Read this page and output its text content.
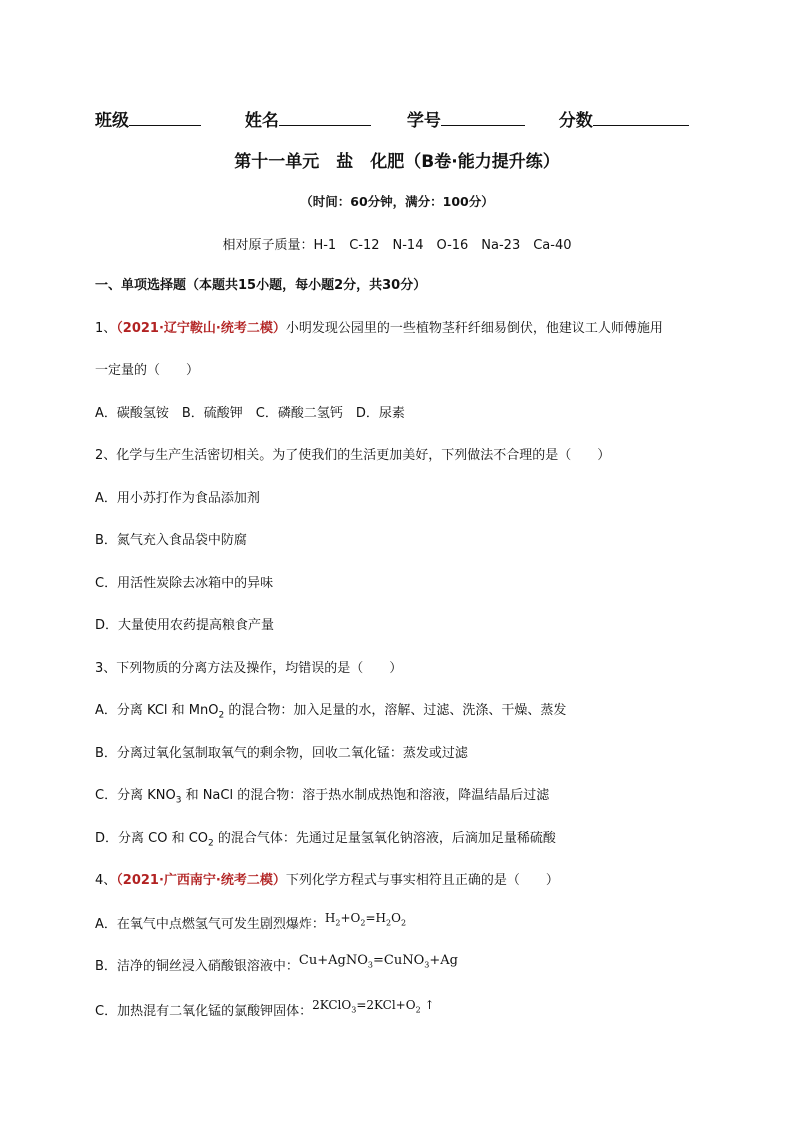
班级	姓名	学号	分数
第十一单元　盐　化肥（B卷·能力提升练）
（时间：60分钟，满分：100分）
相对原子质量：H-1　C-12　N-14　O-16　Na-23　Ca-40
一、单项选择题（本题共15小题，每小题2分，共30分）
1、（2021·辽宁鞍山·统考二模）小明发现公园里的一些植物茎秆纤细易倒伏，他建议工人师傅施用
一定量的（　　）
A．碳酸氢铵　B．硫酸钾　C．磷酸二氢钙　D．尿素
2、化学与生产生活密切相关。为了使我们的生活更加美好，下列做法不合理的是（　　）
A．用小苏打作为食品添加剂
B．氮气充入食品袋中防腐
C．用活性炭除去冰箱中的异味
D．大量使用农药提高粮食产量
3、下列物质的分离方法及操作，均错误的是（　　）
A．分离 KCl 和 MnO$_2$ 的混合物：加入足量的水，溶解、过滤、洗涤、干燥、蒸发
B．分离过氧化氢制取氧气的剩余物，回收二氧化锰：蒸发或过滤
C．分离 $KNO_3$ 和 NaCl 的混合物：溶于热水制成热饱和溶液，降温结晶后过滤
D．分离 CO 和 $CO_2$ 的混合气体：先通过足量氢氧化钠溶液，后滴加足量稀硫酸
4、（2021·广西南宁·统考二模）下列化学方程式与事实相符且正确的是（　　）
A．在氧气中点燃氢气可发生剧烈爆炸：$H_2+O_2=H_2O_2$
B．洁净的铜丝浸入硝酸银溶液中：Cu+AgNO$_3$=CuNO$_3$+Ag
C．加热混有二氧化锰的氯酸钾固体：$2KClO_3=2KCl+O_2$ ↑
